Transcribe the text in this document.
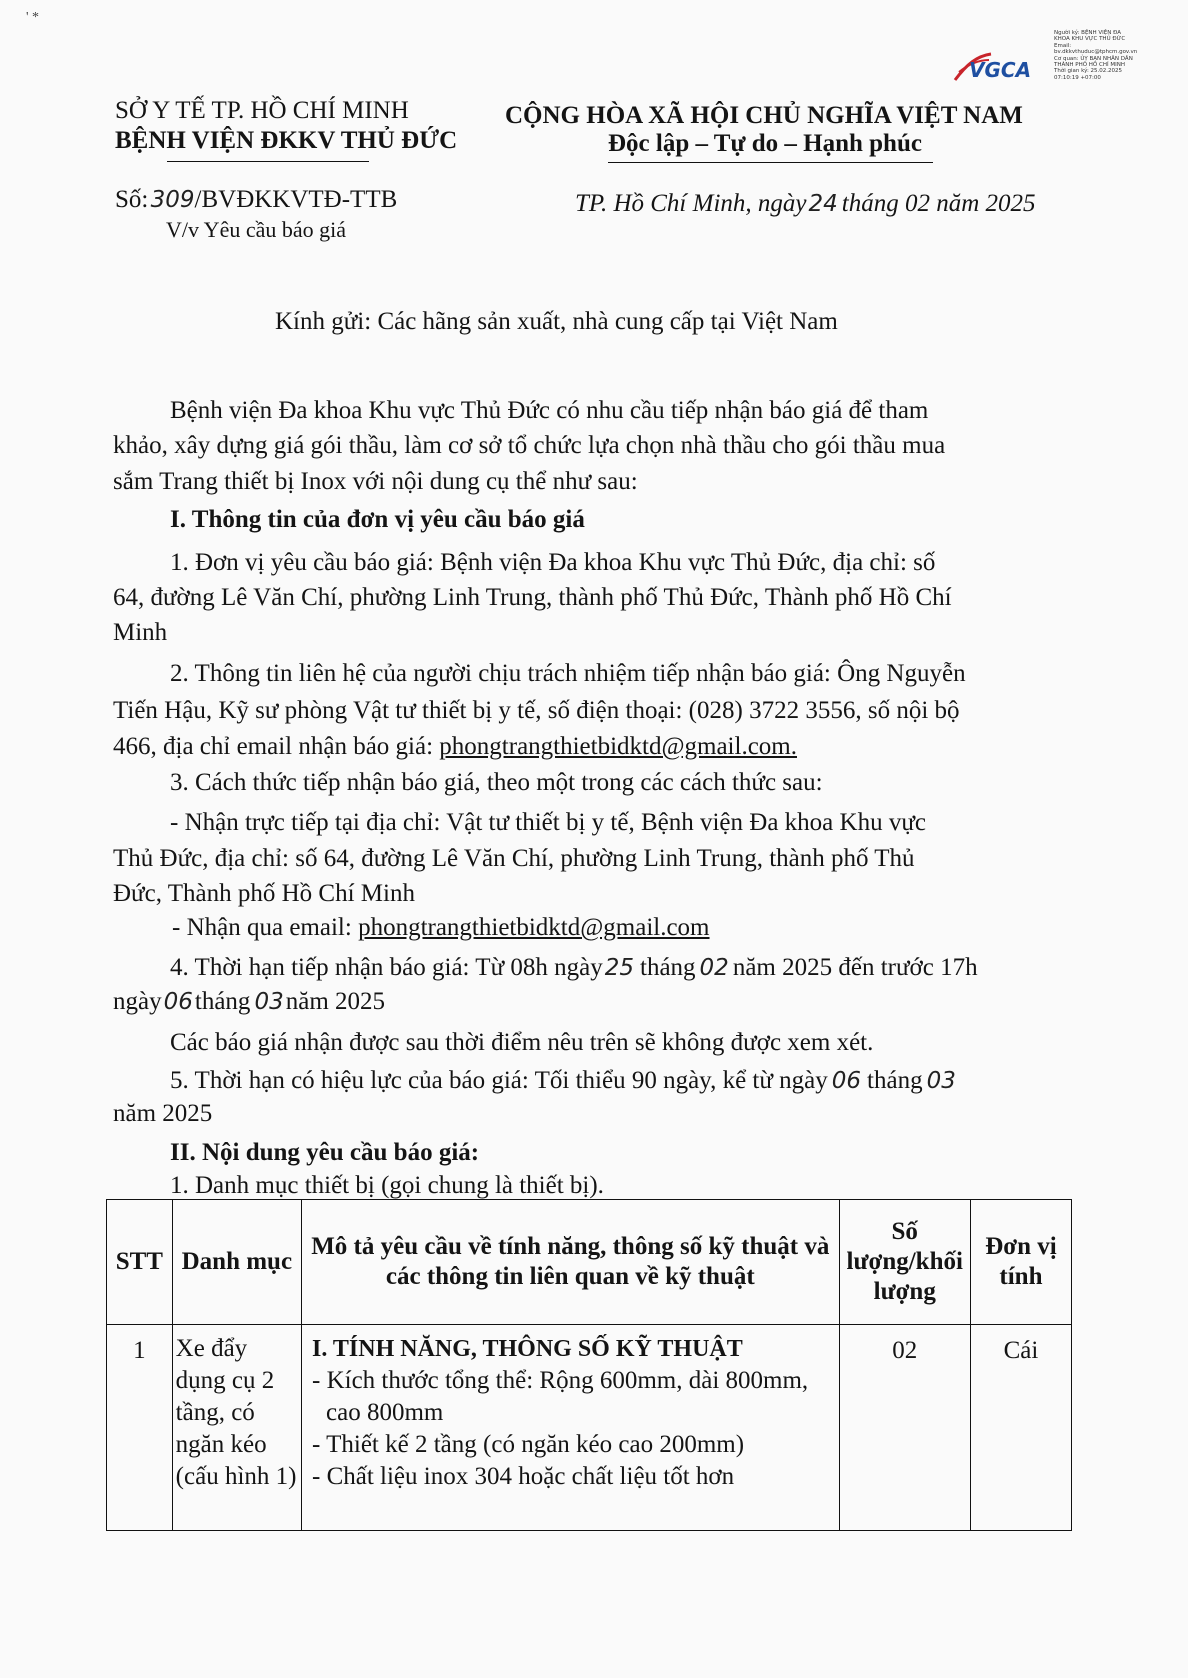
' *
VGCA
Người ký: BỆNH VIỆN ĐA
KHOA KHU VỰC THỦ ĐỨC
Email:
bv.dkkvthuduc@tphcm.gov.vn
Cơ quan: ỦY BAN NHÂN DÂN
THÀNH PHỐ HỒ CHÍ MINH
Thời gian ký: 25.02.2025
07:10:19 +07:00
SỞ Y TẾ TP. HỒ CHÍ MINH
BỆNH VIỆN ĐKKV THỦ ĐỨC
CỘNG HÒA XÃ HỘI CHỦ NGHĨA VIỆT NAM
Độc lập – Tự do – Hạnh phúc
Số: 309/BVĐKKVTĐ-TTB
V/v Yêu cầu báo giá
TP. Hồ Chí Minh, ngày24 tháng 02 năm 2025
Kính gửi: Các hãng sản xuất, nhà cung cấp tại Việt Nam
Bệnh viện Đa khoa Khu vực Thủ Đức có nhu cầu tiếp nhận báo giá để tham
khảo, xây dựng giá gói thầu, làm cơ sở tổ chức lựa chọn nhà thầu cho gói thầu mua
sắm Trang thiết bị Inox với nội dung cụ thể như sau:
I. Thông tin của đơn vị yêu cầu báo giá
1. Đơn vị yêu cầu báo giá: Bệnh viện Đa khoa Khu vực Thủ Đức, địa chỉ: số
64, đường Lê Văn Chí, phường Linh Trung, thành phố Thủ Đức, Thành phố Hồ Chí
Minh
2. Thông tin liên hệ của người chịu trách nhiệm tiếp nhận báo giá: Ông Nguyễn
Tiến Hậu, Kỹ sư phòng Vật tư thiết bị y tế, số điện thoại: (028) 3722 3556, số nội bộ
466, địa chỉ email nhận báo giá: phongtrangthietbidktd@gmail.com.
3. Cách thức tiếp nhận báo giá, theo một trong các cách thức sau:
- Nhận trực tiếp tại địa chỉ: Vật tư thiết bị y tế, Bệnh viện Đa khoa Khu vực
Thủ Đức, địa chỉ: số 64, đường Lê Văn Chí, phường Linh Trung, thành phố Thủ
Đức, Thành phố Hồ Chí Minh
- Nhận qua email: phongtrangthietbidktd@gmail.com
4. Thời hạn tiếp nhận báo giá: Từ 08h ngày25 tháng 02 năm 2025 đến trước 17h
ngày06tháng 03năm 2025
Các báo giá nhận được sau thời điểm nêu trên sẽ không được xem xét.
5. Thời hạn có hiệu lực của báo giá: Tối thiểu 90 ngày, kể từ ngày 06 tháng 03
năm 2025
II. Nội dung yêu cầu báo giá:
1. Danh mục thiết bị (gọi chung là thiết bị).
STT	Danh mục	Mô tả yêu cầu về tính năng, thông số kỹ thuật và các thông tin liên quan về kỹ thuật	Số lượng/khối lượng	Đơn vị tính
1	Xe đẩy dụng cụ 2 tầng, có ngăn kéo (cấu hình 1)	I. TÍNH NĂNG, THÔNG SỐ KỸ THUẬT
- Kích thước tổng thể: Rộng 600mm, dài 800mm, cao 800mm
- Thiết kế 2 tầng (có ngăn kéo cao 200mm)
- Chất liệu inox 304 hoặc chất liệu tốt hơn	02	Cái
